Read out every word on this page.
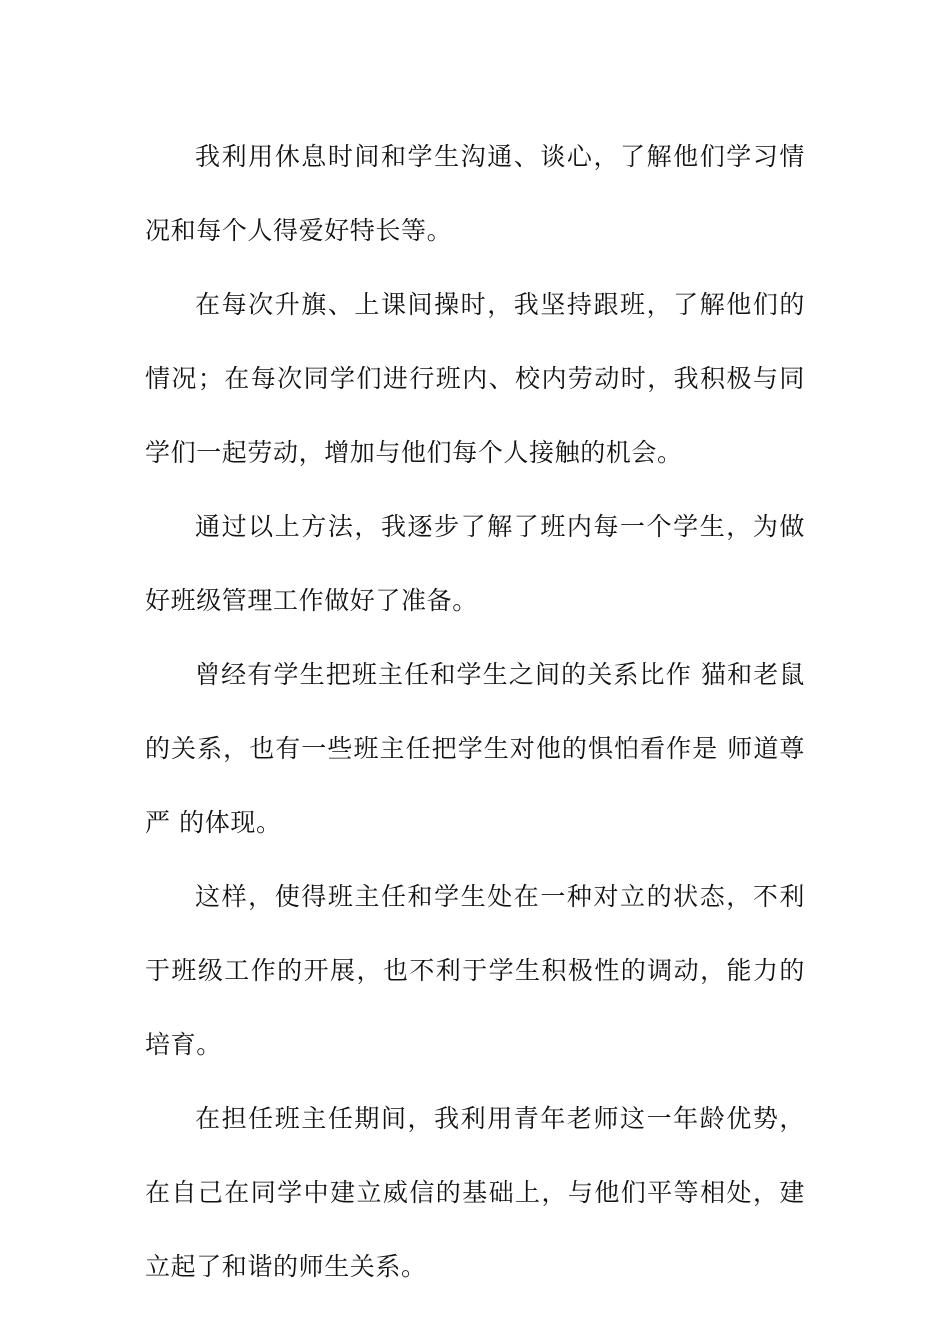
我利用休息时间和学生沟通、谈心，了解他们学习情况和每个人得爱好特长等。

在每次升旗、上课间操时，我坚持跟班，了解他们的情况；在每次同学们进行班内、校内劳动时，我积极与同学们一起劳动，增加与他们每个人接触的机会。

通过以上方法，我逐步了解了班内每一个学生，为做好班级管理工作做好了准备。

曾经有学生把班主任和学生之间的关系比作 猫和老鼠 的关系，也有一些班主任把学生对他的惧怕看作是 师道尊严 的体现。

这样，使得班主任和学生处在一种对立的状态，不利于班级工作的开展，也不利于学生积极性的调动，能力的培育。

在担任班主任期间，我利用青年老师这一年龄优势，在自己在同学中建立威信的基础上，与他们平等相处，建立起了和谐的师生关系。
